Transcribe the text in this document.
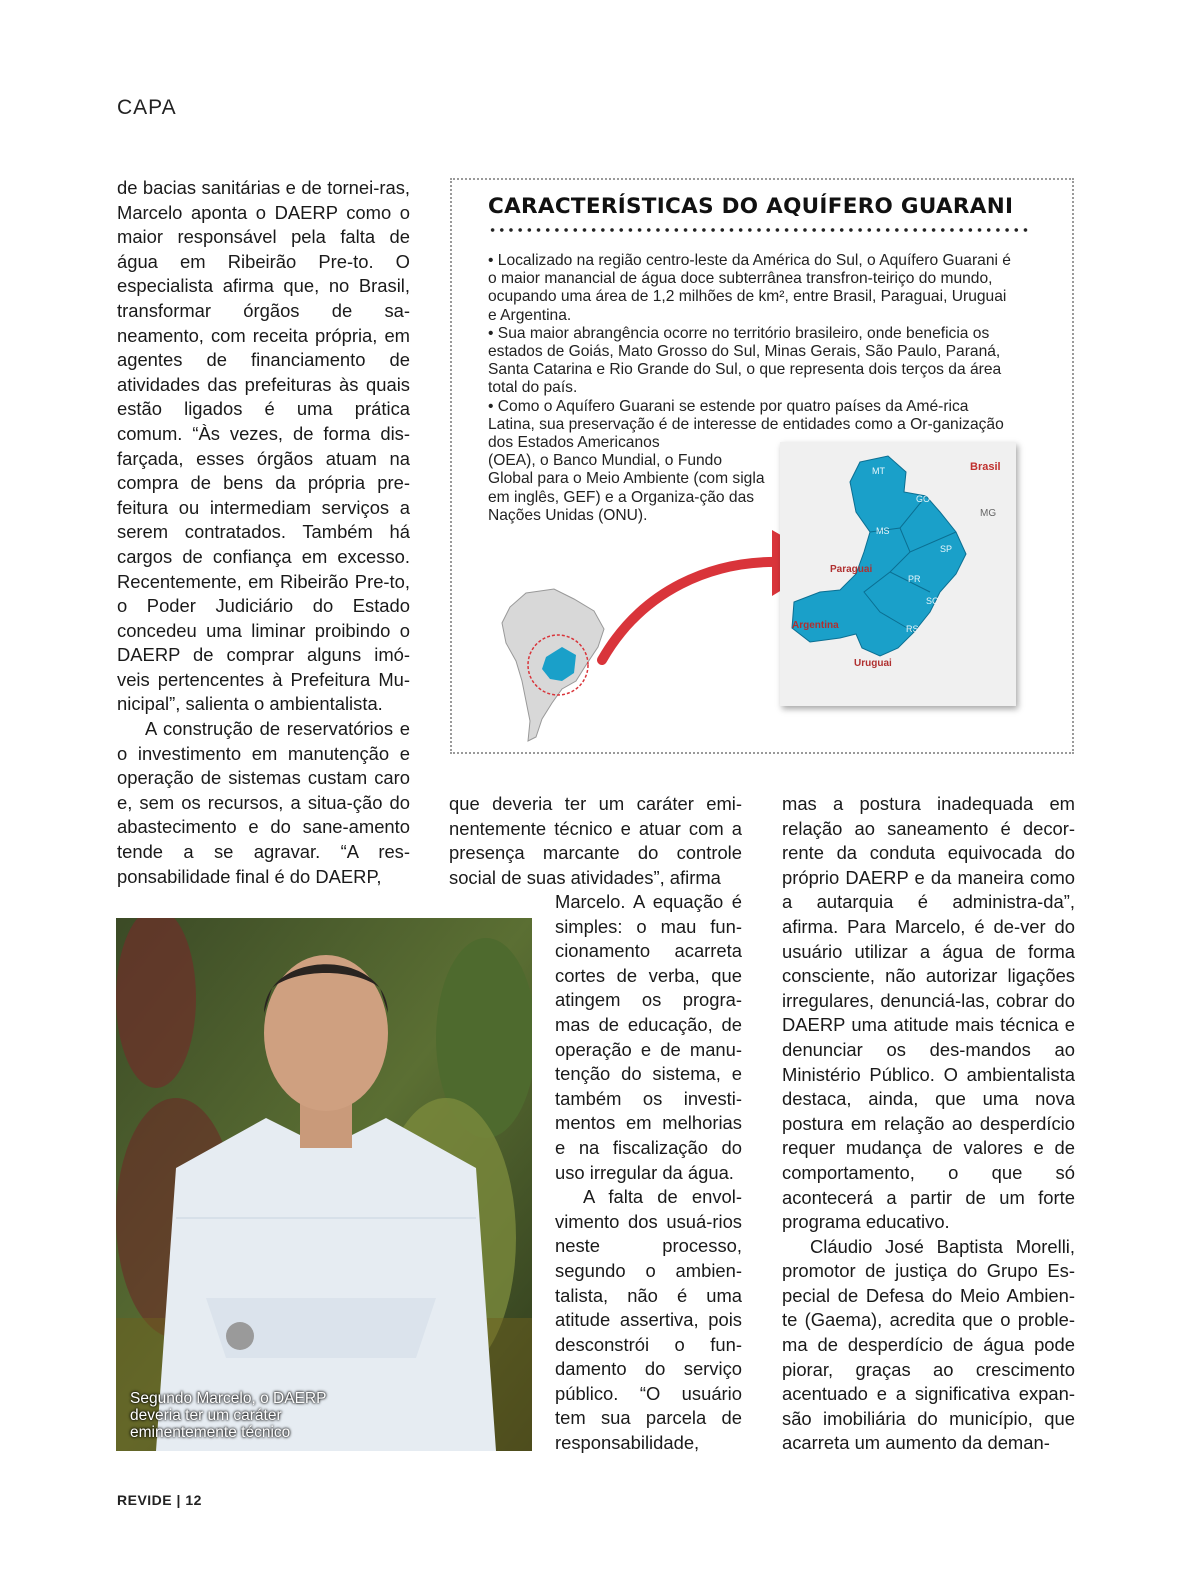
CAPA

de bacias sanitárias e de tornei-ras, Marcelo aponta o DAERP como o maior responsável pela falta de água em Ribeirão Pre-to. O especialista afirma que, no Brasil, transformar órgãos de sa-neamento, com receita própria, em agentes de financiamento de atividades das prefeituras às quais estão ligados é uma prática comum. “Às vezes, de forma dis-farçada, esses órgãos atuam na compra de bens da própria pre-feitura ou intermediam serviços a serem contratados. Também há cargos de confiança em excesso. Recentemente, em Ribeirão Pre-to, o Poder Judiciário do Estado concedeu uma liminar proibindo o DAERP de comprar alguns imó-veis pertencentes à Prefeitura Mu-nicipal”, salienta o ambientalista.

A construção de reservatórios e o investimento em manutenção e operação de sistemas custam caro e, sem os recursos, a situa-ção do abastecimento e do sane-amento tende a se agravar. “A res-ponsabilidade final é do DAERP,

CARACTERÍSTICAS DO AQUÍFERO GUARANI

• Localizado na região centro-leste da América do Sul, o Aquífero Guarani é o maior manancial de água doce subterrânea transfron-teiriço do mundo, ocupando uma área de 1,2 milhões de km², entre Brasil, Paraguai, Uruguai e Argentina.

• Sua maior abrangência ocorre no território brasileiro, onde beneficia os estados de Goiás, Mato Grosso do Sul, Minas Gerais, São Paulo, Paraná, Santa Catarina e Rio Grande do Sul, o que representa dois terços da área total do país.

• Como o Aquífero Guarani se estende por quatro países da Amé-rica Latina, sua preservação é de interesse de entidades como a Or-ganização dos Estados Americanos

(OEA), o Banco Mundial, o Fundo Global para o Meio Ambiente (com sigla em inglês, GEF) e a Organiza-ção das Nações Unidas (ONU).

Brasil
MG
MT
GO
MS
SP
Paraguai
PR
SC
Argentina	RS
Uruguai

que deveria ter um caráter emi-nentemente técnico e atuar com a presença marcante do controle social de suas atividades”, afirma

Marcelo. A equação é simples: o mau fun-cionamento acarreta cortes de verba, que atingem os progra-mas de educação, de operação e de manu-tenção do sistema, e também os investi-mentos em melhorias e na fiscalização do uso irregular da água.

A falta de envol-vimento dos usuá-rios neste processo, segundo o ambien-talista, não é uma atitude assertiva, pois desconstrói o fun-damento do serviço público. “O usuário tem sua parcela de responsabilidade,

mas a postura inadequada em relação ao saneamento é decor-rente da conduta equivocada do próprio DAERP e da maneira como a autarquia é administra-da”, afirma. Para Marcelo, é de-ver do usuário utilizar a água de forma consciente, não autorizar ligações irregulares, denunciá-las, cobrar do DAERP uma atitude mais técnica e denunciar os des-mandos ao Ministério Público. O ambientalista destaca, ainda, que uma nova postura em relação ao desperdício requer mudança de valores e de comportamento, o que só acontecerá a partir de um forte programa educativo.

Cláudio José Baptista Morelli, promotor de justiça do Grupo Es-pecial de Defesa do Meio Ambien-te (Gaema), acredita que o proble-ma de desperdício de água pode piorar, graças ao crescimento acentuado e a significativa expan-são imobiliária do município, que acarreta um aumento da deman-

Segundo Marcelo, o DAERP deveria ter um caráter eminentemente técnico
REVIDE | 12
